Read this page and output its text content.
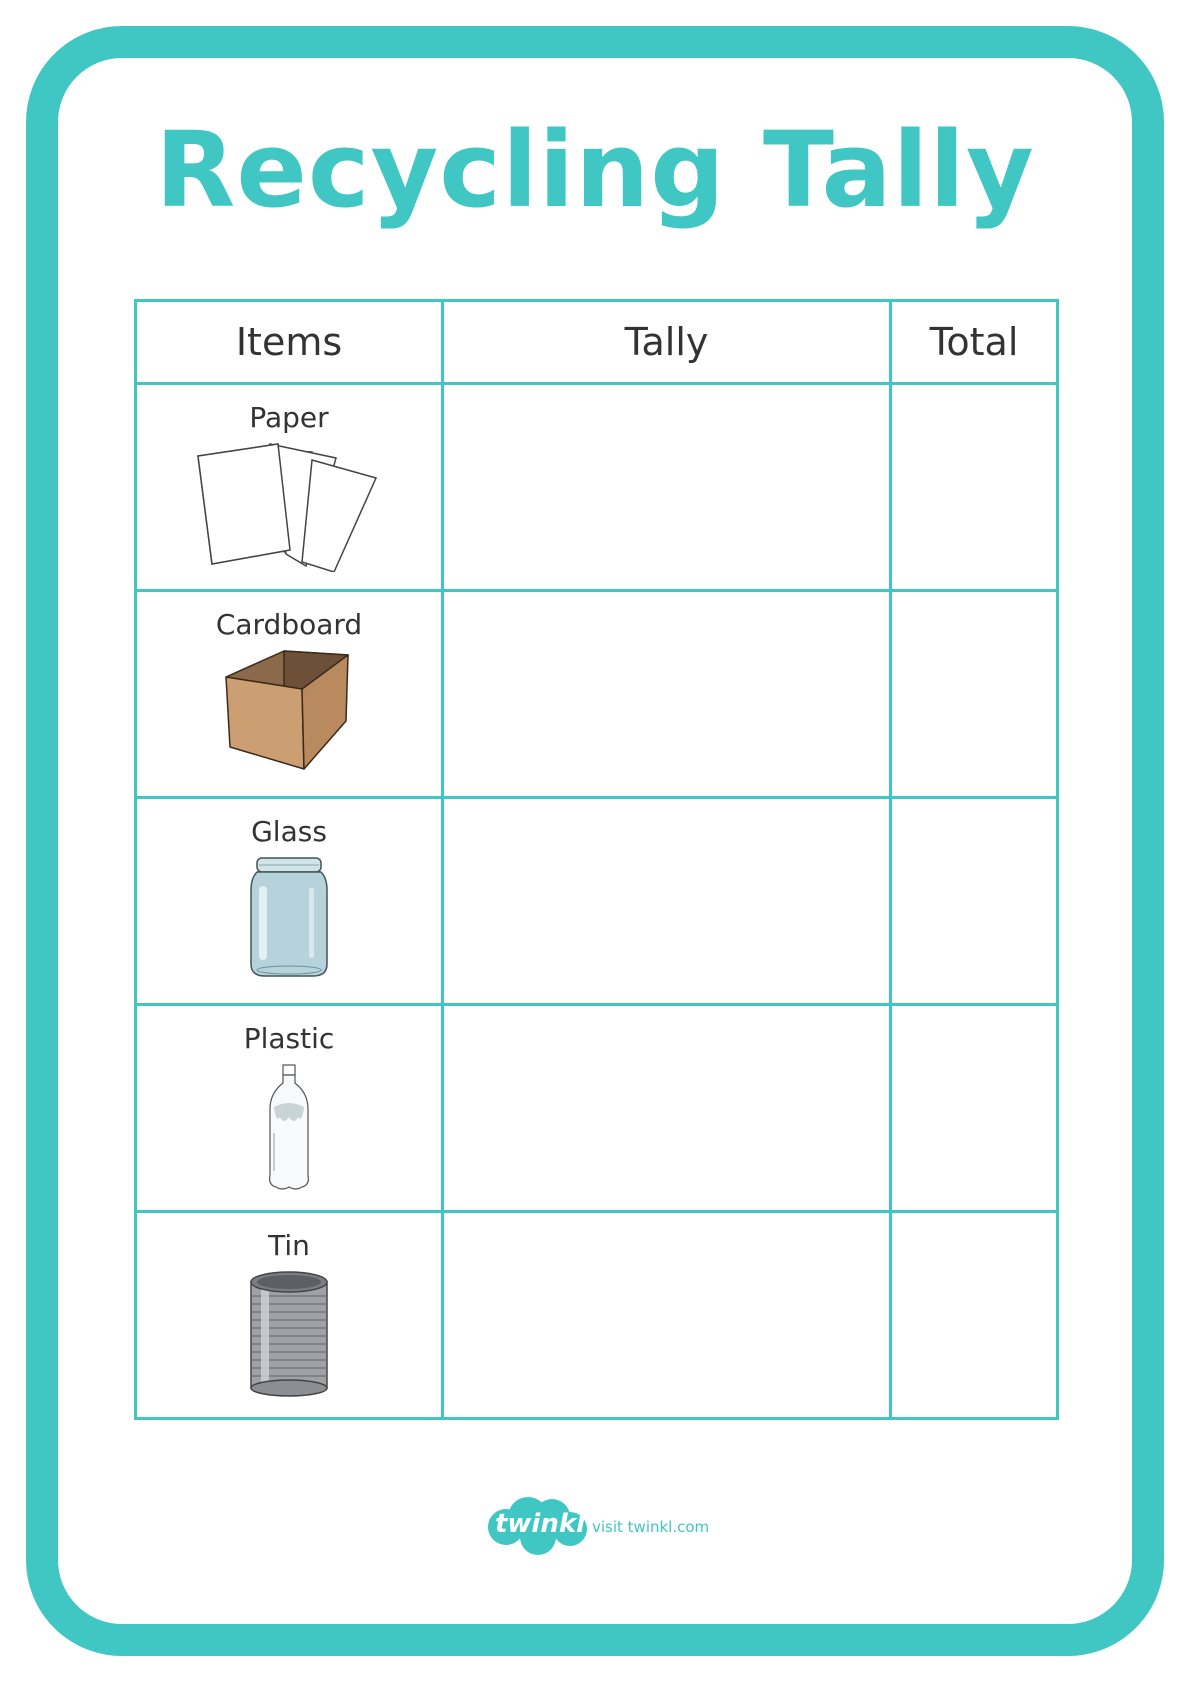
Recycling Tally
Items	Tally	Total

Paper		

Cardboard		

Glass		

Plastic		

Tin		

twinkl visit twinkl.com
